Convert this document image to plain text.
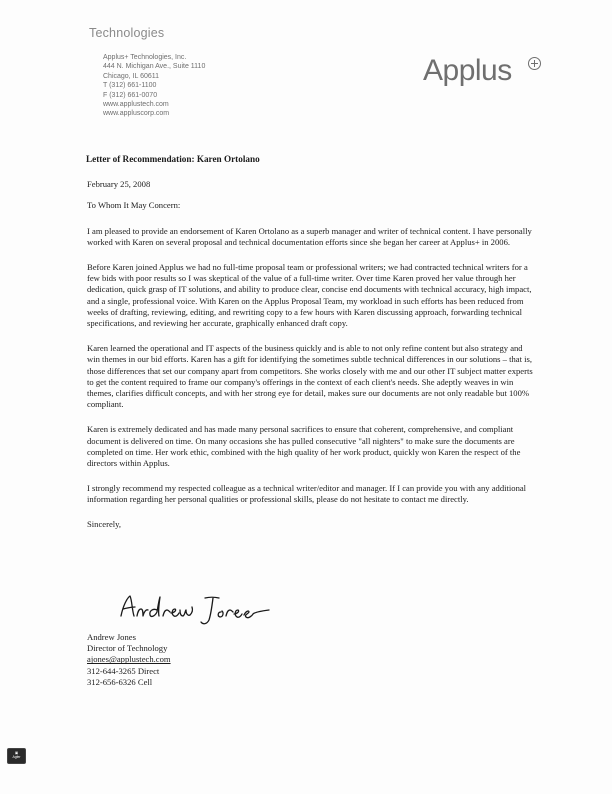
Technologies
Applus+ Technologies, Inc.
444 N. Michigan Ave., Suite 1110
Chicago, IL 60611
T (312) 661-1100
F (312) 661-0070
www.applustech.com
www.appluscorp.com
Applus
Letter of Recommendation: Karen Ortolano
February 25, 2008
To Whom It May Concern:

I am pleased to provide an endorsement of Karen Ortolano as a superb manager and writer of technical content. I have personally worked with Karen on several proposal and technical documentation efforts since she began her career at Applus+ in 2006.

Before Karen joined Applus we had no full-time proposal team or professional writers; we had contracted technical writers for a few bids with poor results so I was skeptical of the value of a full-time writer. Over time Karen proved her value through her dedication, quick grasp of IT solutions, and ability to produce clear, concise end documents with technical accuracy, high impact, and a single, professional voice. With Karen on the Applus Proposal Team, my workload in such efforts has been reduced from weeks of drafting, reviewing, editing, and rewriting copy to a few hours with Karen discussing approach, forwarding technical specifications, and reviewing her accurate, graphically enhanced draft copy.

Karen learned the operational and IT aspects of the business quickly and is able to not only refine content but also strategy and win themes in our bid efforts. Karen has a gift for identifying the sometimes subtle technical differences in our solutions – that is, those differences that set our company apart from competitors. She works closely with me and our other IT subject matter experts to get the content required to frame our company's offerings in the context of each client's needs. She adeptly weaves in win themes, clarifies difficult concepts, and with her strong eye for detail, makes sure our documents are not only readable but 100% compliant.

Karen is extremely dedicated and has made many personal sacrifices to ensure that coherent, comprehensive, and compliant document is delivered on time. On many occasions she has pulled consecutive "all nighters" to make sure the documents are completed on time. Her work ethic, combined with the high quality of her work product, quickly won Karen the respect of the directors within Applus.

I strongly recommend my respected colleague as a technical writer/editor and manager. If I can provide you with any additional information regarding her personal qualities or professional skills, please do not hesitate to contact me directly.

Sincerely,
Andrew Jones
Director of Technology
ajones@applustech.com
312-644-3265 Direct
312-656-6326 Cell
▣
Agfer
